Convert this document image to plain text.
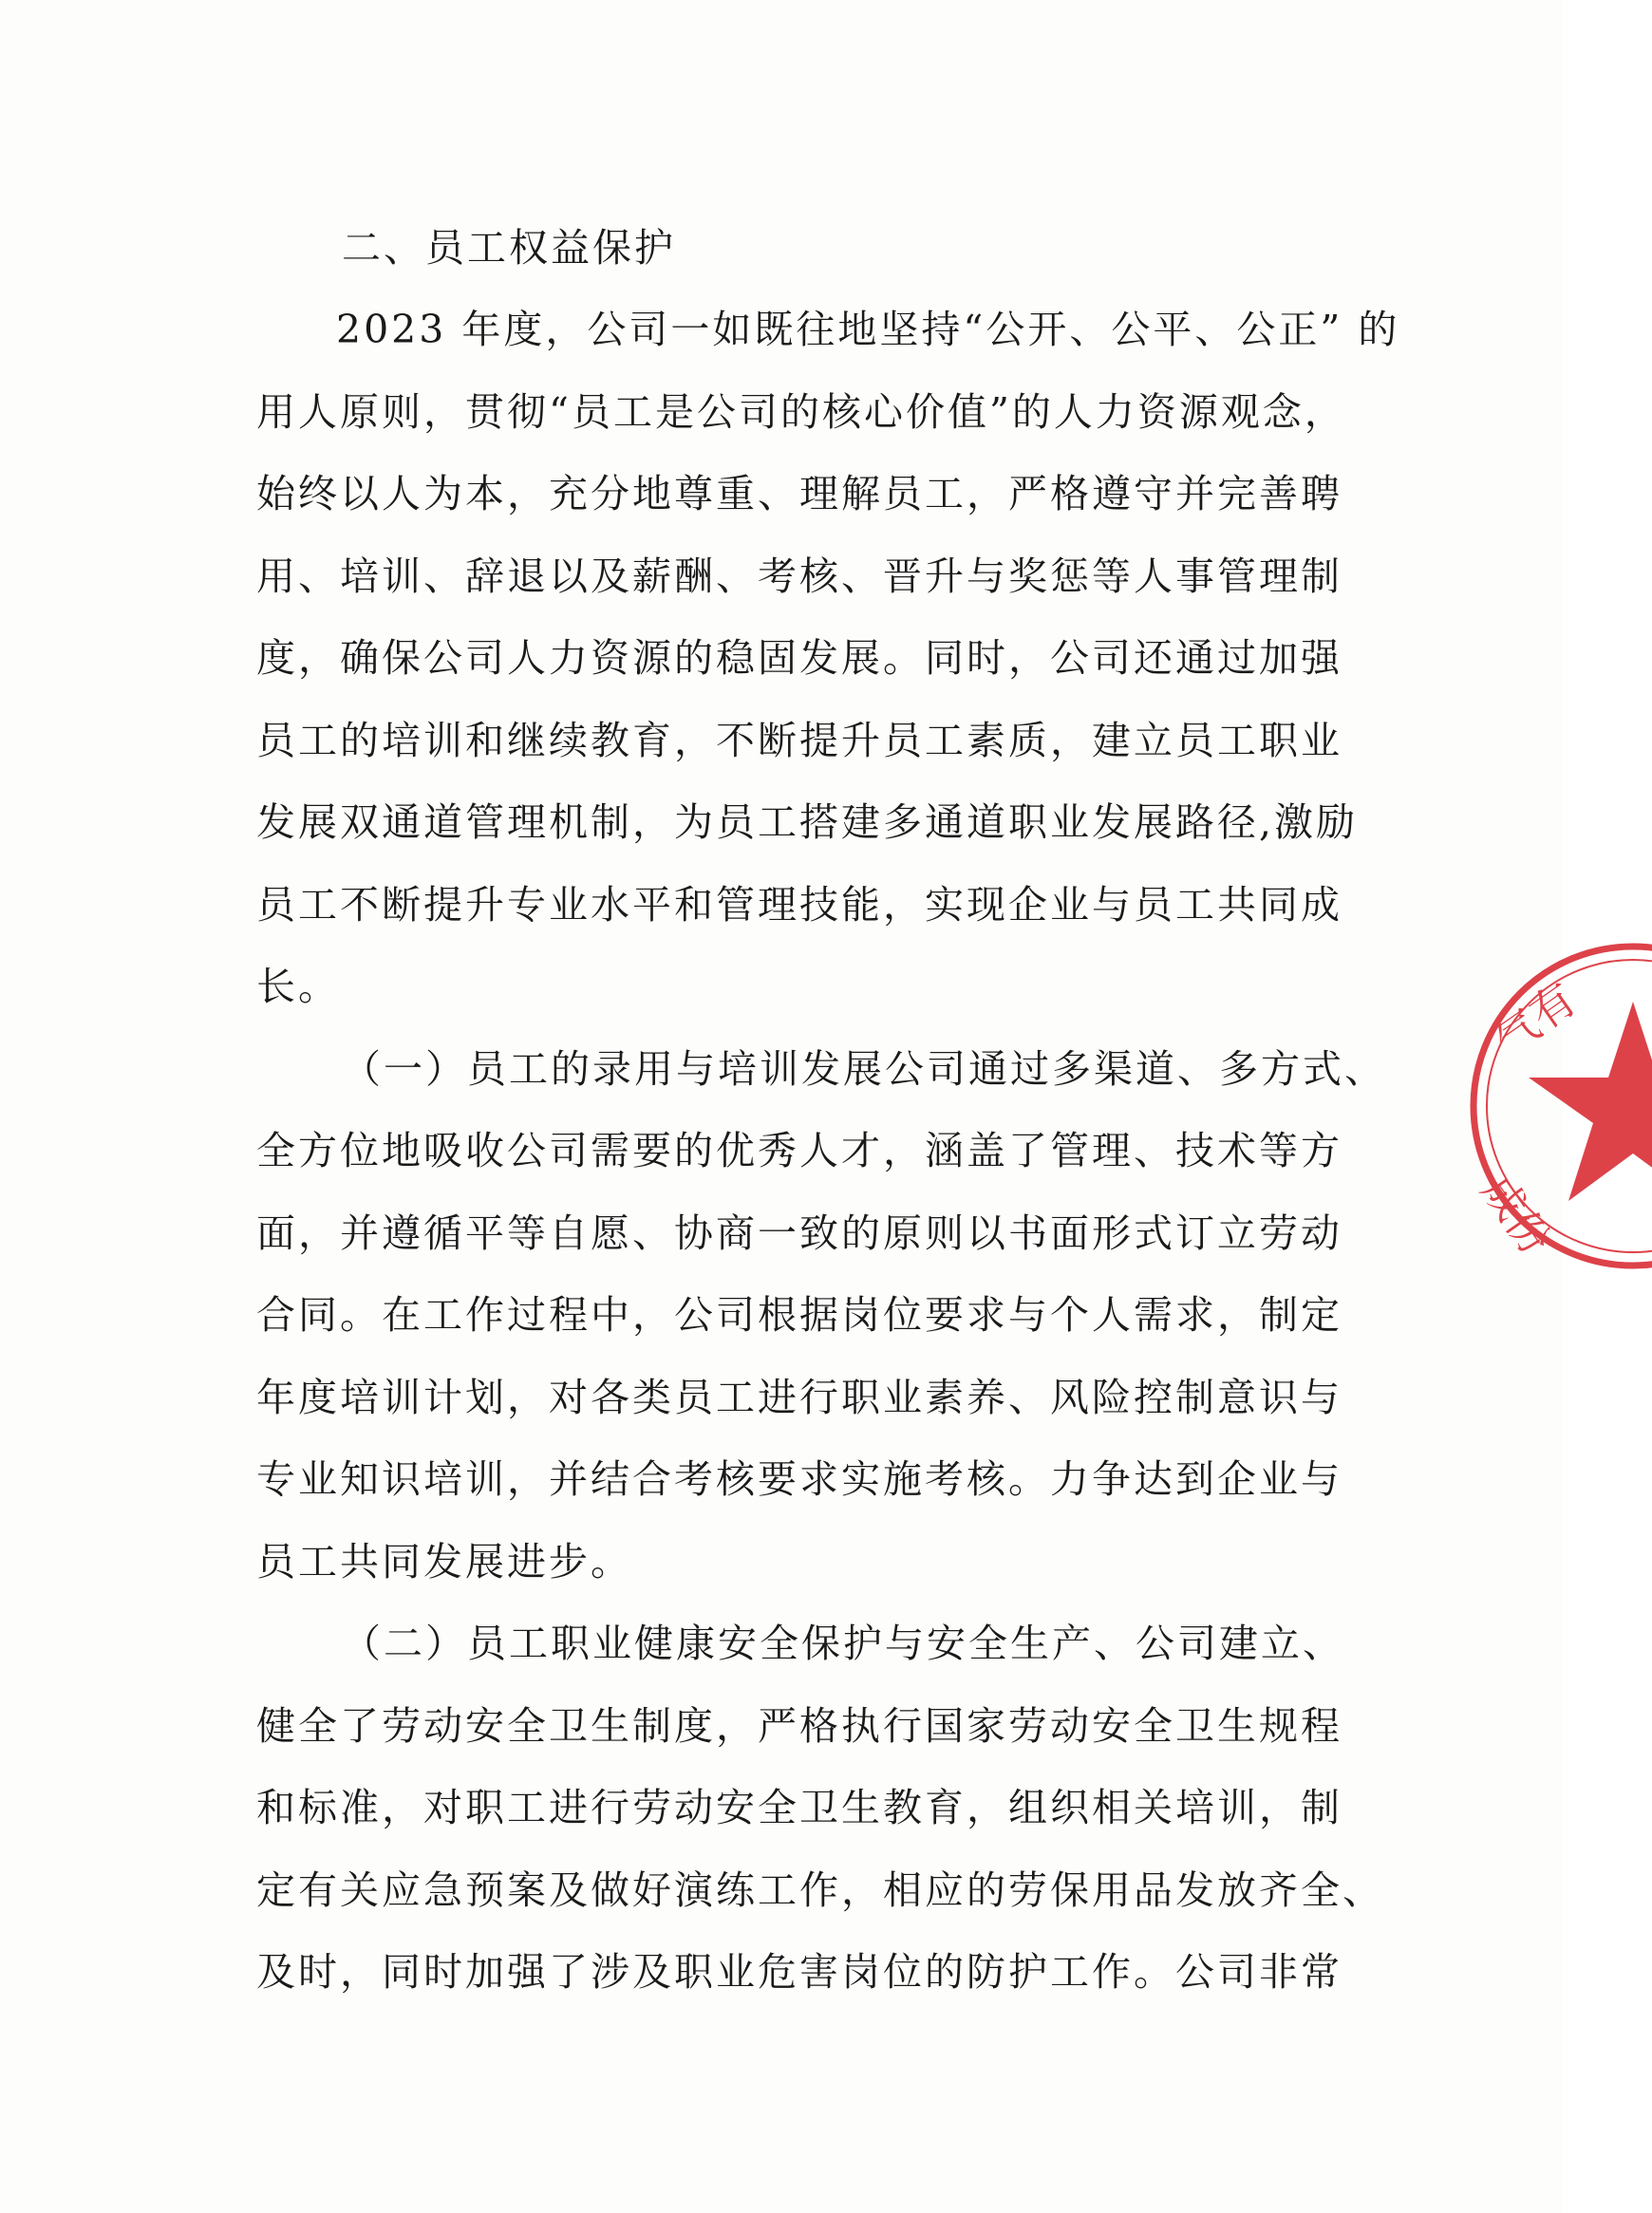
二、员工权益保护
2023 年度，公司一如既往地坚持“公开、公平、公正” 的
用人原则，贯彻“员工是公司的核心价值”的人力资源观念，
始终以人为本，充分地尊重、理解员工，严格遵守并完善聘
用、培训、辞退以及薪酬、考核、晋升与奖惩等人事管理制
度，确保公司人力资源的稳固发展。同时，公司还通过加强
员工的培训和继续教育，不断提升员工素质，建立员工职业
发展双通道管理机制，为员工搭建多通道职业发展路径,激励
员工不断提升专业水平和管理技能，实现企业与员工共同成
长。
（一）员工的录用与培训发展公司通过多渠道、多方式、
全方位地吸收公司需要的优秀人才，涵盖了管理、技术等方
面，并遵循平等自愿、协商一致的原则以书面形式订立劳动
合同。在工作过程中，公司根据岗位要求与个人需求，制定
年度培训计划，对各类员工进行职业素养、风险控制意识与
专业知识培训，并结合考核要求实施考核。力争达到企业与
员工共同发展进步。
（二）员工职业健康安全保护与安全生产、公司建立、
健全了劳动安全卫生制度，严格执行国家劳动安全卫生规程
和标准，对职工进行劳动安全卫生教育，组织相关培训，制
定有关应急预案及做好演练工作，相应的劳保用品发放齐全、
及时，同时加强了涉及职业危害岗位的防护工作。公司非常
气有
成份
